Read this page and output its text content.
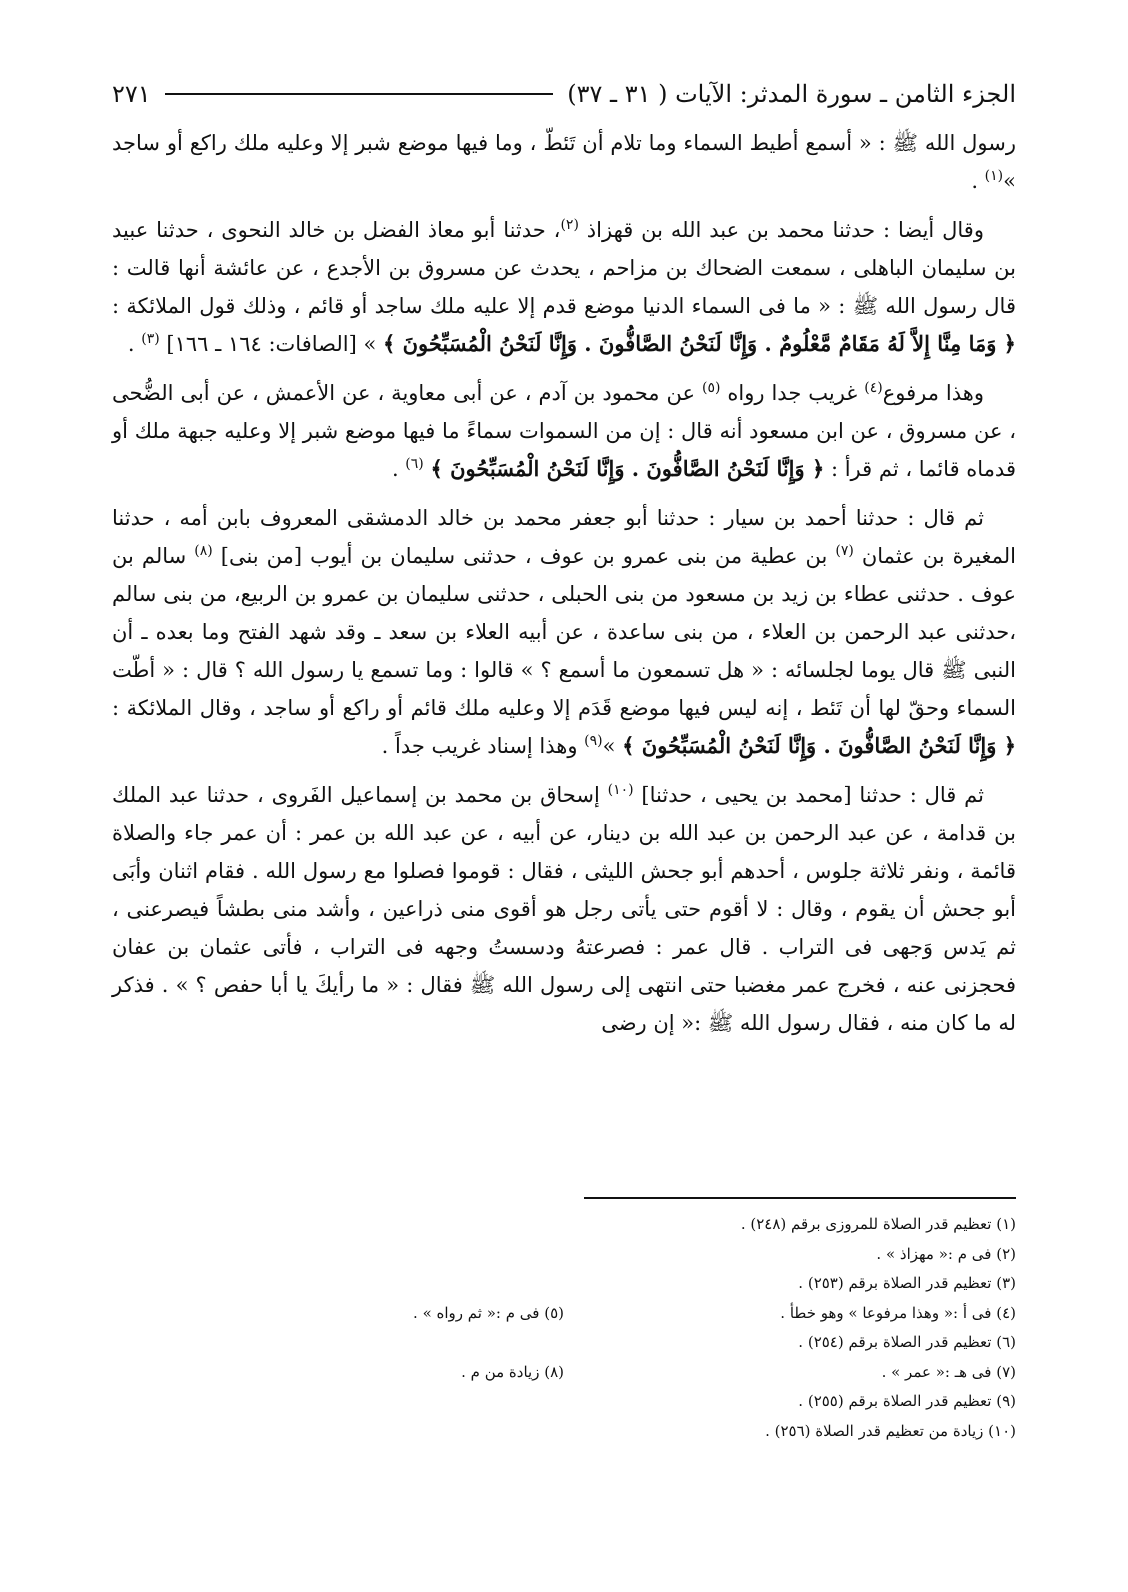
الجزء الثامن ـ سورة المدثر: الآيات ( ٣١ ـ ٣٧)
٢٧١

رسول الله ﷺ : « أسمع أطيط السماء وما تلام أن تَئطّ ، وما فيها موضع شبر إلا وعليه ملك راكع أو ساجد »$^{(١)}$ .

وقال أيضا : حدثنا محمد بن عبد الله بن قهزاذ $^{(٢)}$، حدثنا أبو معاذ الفضل بن خالد النحوى ، حدثنا عبيد بن سليمان الباهلى ، سمعت الضحاك بن مزاحم ، يحدث عن مسروق بن الأجدع ، عن عائشة أنها قالت : قال رسول الله ﷺ : « ما فى السماء الدنيا موضع قدم إلا عليه ملك ساجد أو قائم ، وذلك قول الملائكة : ﴿ وَمَا مِنَّا إِلاَّ لَهُ مَقَامٌ مَّعْلُومٌ . وَإِنَّا لَنَحْنُ الصَّافُّونَ . وَإِنَّا لَنَحْنُ الْمُسَبِّحُونَ ﴾ » [الصافات: ١٦٤ ـ ١٦٦] $^{(٣)}$ .

وهذا مرفوع$^{(٤)}$ غريب جدا رواه $^{(٥)}$ عن محمود بن آدم ، عن أبى معاوية ، عن الأعمش ، عن أبى الضُّحى ، عن مسروق ، عن ابن مسعود أنه قال : إن من السموات سماءً ما فيها موضع شبر إلا وعليه جبهة ملك أو قدماه قائما ، ثم قرأ : ﴿ وَإِنَّا لَنَحْنُ الصَّافُّونَ . وَإِنَّا لَنَحْنُ الْمُسَبِّحُونَ ﴾ $^{(٦)}$ .

ثم قال : حدثنا أحمد بن سيار : حدثنا أبو جعفر محمد بن خالد الدمشقى المعروف بابن أمه ، حدثنا المغيرة بن عثمان $^{(٧)}$ بن عطية من بنى عمرو بن عوف ، حدثنى سليمان بن أيوب [من بنى] $^{(٨)}$ سالم بن عوف . حدثنى عطاء بن زيد بن مسعود من بنى الحبلى ، حدثنى سليمان بن عمرو بن الربيع، من بنى سالم ،حدثنى عبد الرحمن بن العلاء ، من بنى ساعدة ، عن أبيه العلاء بن سعد ـ وقد شهد الفتح وما بعده ـ أن النبى ﷺ قال يوما لجلسائه : « هل تسمعون ما أسمع ؟ » قالوا : وما تسمع يا رسول الله ؟ قال : « أطّت السماء وحقّ لها أن تَئط ، إنه ليس فيها موضع قَدَم إلا وعليه ملك قائم أو راكع أو ساجد ، وقال الملائكة : ﴿ وَإِنَّا لَنَحْنُ الصَّافُّونَ . وَإِنَّا لَنَحْنُ الْمُسَبِّحُونَ ﴾ »$^{(٩)}$ وهذا إسناد غريب جداً .

ثم قال : حدثنا [محمد بن يحيى ، حدثنا] $^{(١٠)}$ إسحاق بن محمد بن إسماعيل الفَروى ، حدثنا عبد الملك بن قدامة ، عن عبد الرحمن بن عبد الله بن دينار، عن أبيه ، عن عبد الله بن عمر : أن عمر جاء والصلاة قائمة ، ونفر ثلاثة جلوس ، أحدهم أبو جحش الليثى ، فقال : قوموا فصلوا مع رسول الله . فقام اثنان وأبَى أبو جحش أن يقوم ، وقال : لا أقوم حتى يأتى رجل هو أقوى منى ذراعين ، وأشد منى بطشاً فيصرعنى ، ثم يَدس وَجهى فى التراب . قال عمر : فصرعتهُ ودسستُ وجهه فى التراب ، فأتى عثمان بن عفان فحجزنى عنه ، فخرج عمر مغضبا حتى انتهى إلى رسول الله ﷺ فقال : « ما رأيكَ يا أبا حفص ؟ » . فذكر له ما كان منه ، فقال رسول الله ﷺ :« إن رضى

(١) تعظيم قدر الصلاة للمروزى برقم (٢٤٨) .
(٢) فى م :« مهزاذ » .
(٣) تعظيم قدر الصلاة برقم (٢٥٣) .
(٤) فى أ :« وهذا مرفوعا » وهو خطأ .
(٥) فى م :« ثم رواه » .
(٦) تعظيم قدر الصلاة برقم (٢٥٤) .
(٧) فى هـ :« عمر » .
(٨) زيادة من م .
(٩) تعظيم قدر الصلاة برقم (٢٥٥) .
(١٠) زيادة من تعظيم قدر الصلاة (٢٥٦) .
